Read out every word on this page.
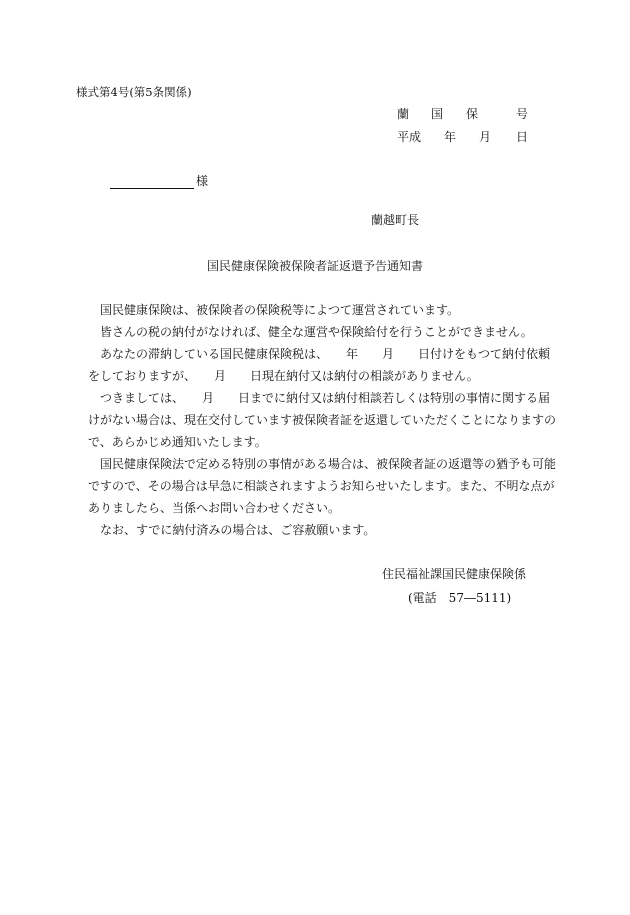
様式第4号(第5条関係)
蘭 国 保	号
平成 年 月 日
様
蘭越町長
国民健康保険被保険者証返還予告通知書

国民健康保険は、被保険者の保険税等によつて運営されています。

皆さんの税の納付がなければ、健全な運営や保険給付を行うことができません。

あなたの滞納している国民健康保険税は、　　年　　月　　日付けをもつて納付依頼

をしておりますが、　　月　　日現在納付又は納付の相談がありません。

つきましては、　　月　　日までに納付又は納付相談若しくは特別の事情に関する届

けがない場合は、現在交付しています被保険者証を返還していただくことになりますの

で、あらかじめ通知いたします。

国民健康保険法で定める特別の事情がある場合は、被保険者証の返還等の猶予も可能

ですので、その場合は早急に相談されますようお知らせいたします。また、不明な点が

ありましたら、当係へお問い合わせください。

なお、すでに納付済みの場合は、ご容赦願います。

住民福祉課国民健康保険係
(電話　57―5111)
